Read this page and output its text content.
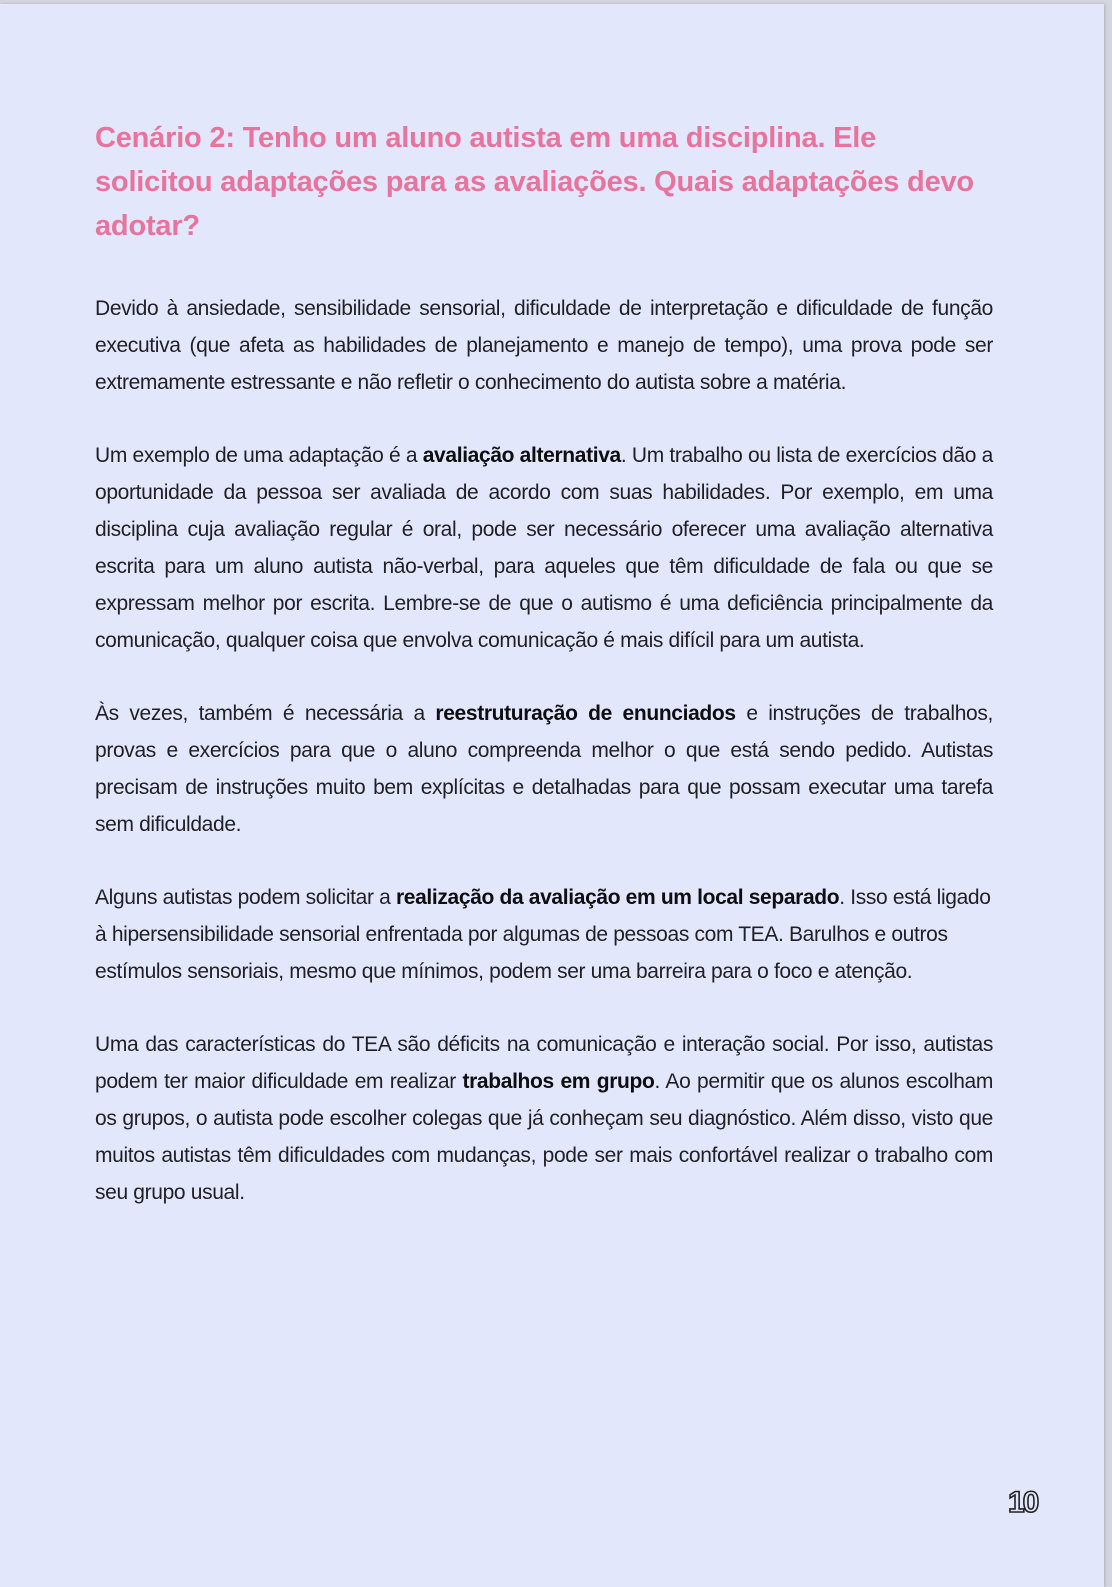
Cenário 2: Tenho um aluno autista em uma disciplina. Ele solicitou adaptações para as avaliações. Quais adaptações devo adotar?

Devido à ansiedade, sensibilidade sensorial, dificuldade de interpretação e dificuldade de função executiva (que afeta as habilidades de planejamento e manejo de tempo), uma prova pode ser extremamente estressante e não refletir o conhecimento do autista sobre a matéria.

Um exemplo de uma adaptação é a avaliação alternativa. Um trabalho ou lista de exercícios dão a oportunidade da pessoa ser avaliada de acordo com suas habilidades. Por exemplo, em uma disciplina cuja avaliação regular é oral, pode ser necessário oferecer uma avaliação alternativa escrita para um aluno autista não-verbal, para aqueles que têm dificuldade de fala ou que se expressam melhor por escrita. Lembre-se de que o autismo é uma deficiência principalmente da comunicação, qualquer coisa que envolva comunicação é mais difícil para um autista.

Às vezes, também é necessária a reestruturação de enunciados e instruções de trabalhos, provas e exercícios para que o aluno compreenda melhor o que está sendo pedido. Autistas precisam de instruções muito bem explícitas e detalhadas para que possam executar uma tarefa sem dificuldade.

Alguns autistas podem solicitar a realização da avaliação em um local separado. Isso está ligado à hipersensibilidade sensorial enfrentada por algumas de pessoas com TEA. Barulhos e outros estímulos sensoriais, mesmo que mínimos, podem ser uma barreira para o foco e atenção.

Uma das características do TEA são déficits na comunicação e interação social. Por isso, autistas podem ter maior dificuldade em realizar trabalhos em grupo. Ao permitir que os alunos escolham os grupos, o autista pode escolher colegas que já conheçam seu diagnóstico. Além disso, visto que muitos autistas têm dificuldades com mudanças, pode ser mais confortável realizar o trabalho com seu grupo usual.

10
